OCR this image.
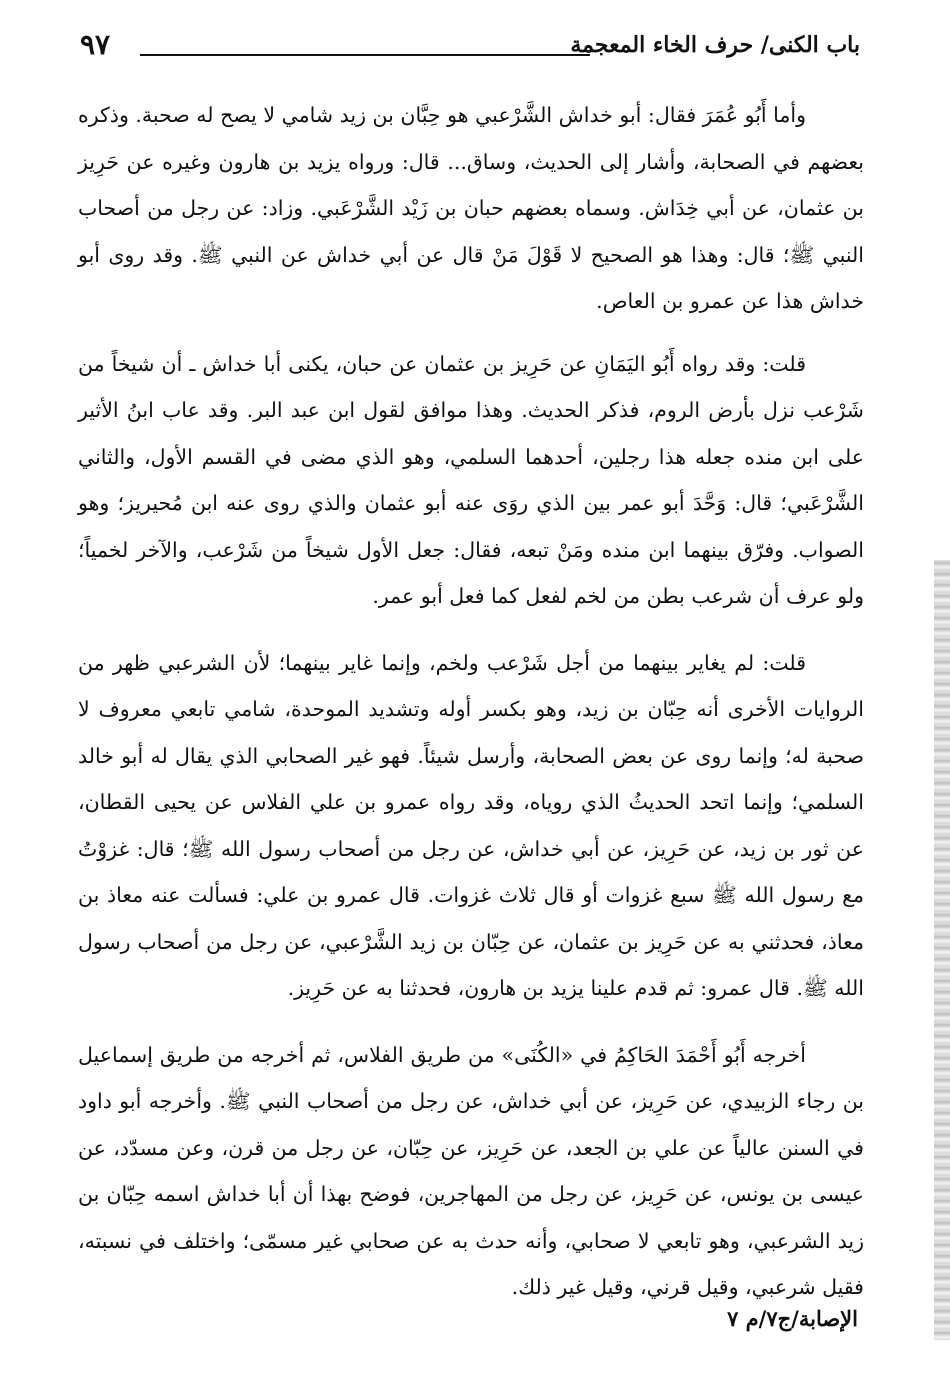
باب الكنى/ حرف الخاء المعجمة
٩٧

وأما أَبُو عُمَرَ فقال: أبو خداش الشَّرْعبي هو حِبَّان بن زيد شامي لا يصح له صحبة. وذكره بعضهم في الصحابة، وأشار إلى الحديث، وساق... قال: ورواه يزيد بن هارون وغيره عن حَرِيز بن عثمان، عن أبي خِدَاش. وسماه بعضهم حبان بن زَيْد الشَّرْعَبي. وزاد: عن رجل من أصحاب النبي ﷺ؛ قال: وهذا هو الصحيح لا قَوْلَ مَنْ قال عن أبي خداش عن النبي ﷺ. وقد روى أبو خداش هذا عن عمرو بن العاص.

قلت: وقد رواه أَبُو اليَمَانِ عن حَرِيز بن عثمان عن حبان، يكنى أبا خداش ـ أن شيخاً من شَرْعب نزل بأرض الروم، فذكر الحديث. وهذا موافق لقول ابن عبد البر. وقد عاب ابنُ الأثير على ابن منده جعله هذا رجلين، أحدهما السلمي، وهو الذي مضى في القسم الأول، والثاني الشَّرْعَبي؛ قال: وَحَّدَ أبو عمر بين الذي روَى عنه أبو عثمان والذي روى عنه ابن مُحيريز؛ وهو الصواب. وفرّق بينهما ابن منده ومَنْ تبعه، فقال: جعل الأول شيخاً من شَرْعب، والآخر لخمياً؛ ولو عرف أن شرعب بطن من لخم لفعل كما فعل أبو عمر.

قلت: لم يغاير بينهما من أجل شَرْعب ولخم، وإنما غاير بينهما؛ لأن الشرعبي ظهر من الروايات الأخرى أنه حِبّان بن زيد، وهو بكسر أوله وتشديد الموحدة، شامي تابعي معروف لا صحبة له؛ وإنما روى عن بعض الصحابة، وأرسل شيئاً. فهو غير الصحابي الذي يقال له أبو خالد السلمي؛ وإنما اتحد الحديثُ الذي روياه، وقد رواه عمرو بن علي الفلاس عن يحيى القطان، عن ثور بن زيد، عن حَرِيز، عن أبي خداش، عن رجل من أصحاب رسول الله ﷺ؛ قال: غزوْتُ مع رسول الله ﷺ سبع غزوات أو قال ثلاث غزوات. قال عمرو بن علي: فسألت عنه معاذ بن معاذ، فحدثني به عن حَرِيز بن عثمان، عن حِبّان بن زيد الشَّرْعبي، عن رجل من أصحاب رسول الله ﷺ. قال عمرو: ثم قدم علينا يزيد بن هارون، فحدثنا به عن حَرِيز.

أخرجه أَبُو أَحْمَدَ الحَاكِمُ في «الكُنَى» من طريق الفلاس، ثم أخرجه من طريق إسماعيل بن رجاء الزبيدي، عن حَرِيز، عن أبي خداش، عن رجل من أصحاب النبي ﷺ. وأخرجه أبو داود في السنن عالياً عن علي بن الجعد، عن حَرِيز، عن حِبّان، عن رجل من قرن، وعن مسدّد، عن عيسى بن يونس، عن حَرِيز، عن رجل من المهاجرين، فوضح بهذا أن أبا خداش اسمه حِبّان بن زيد الشرعبي، وهو تابعي لا صحابي، وأنه حدث به عن صحابي غير مسمّى؛ واختلف في نسبته، فقيل شرعبي، وقيل قرني، وقيل غير ذلك.

الإصابة/ج٧/م ٧
